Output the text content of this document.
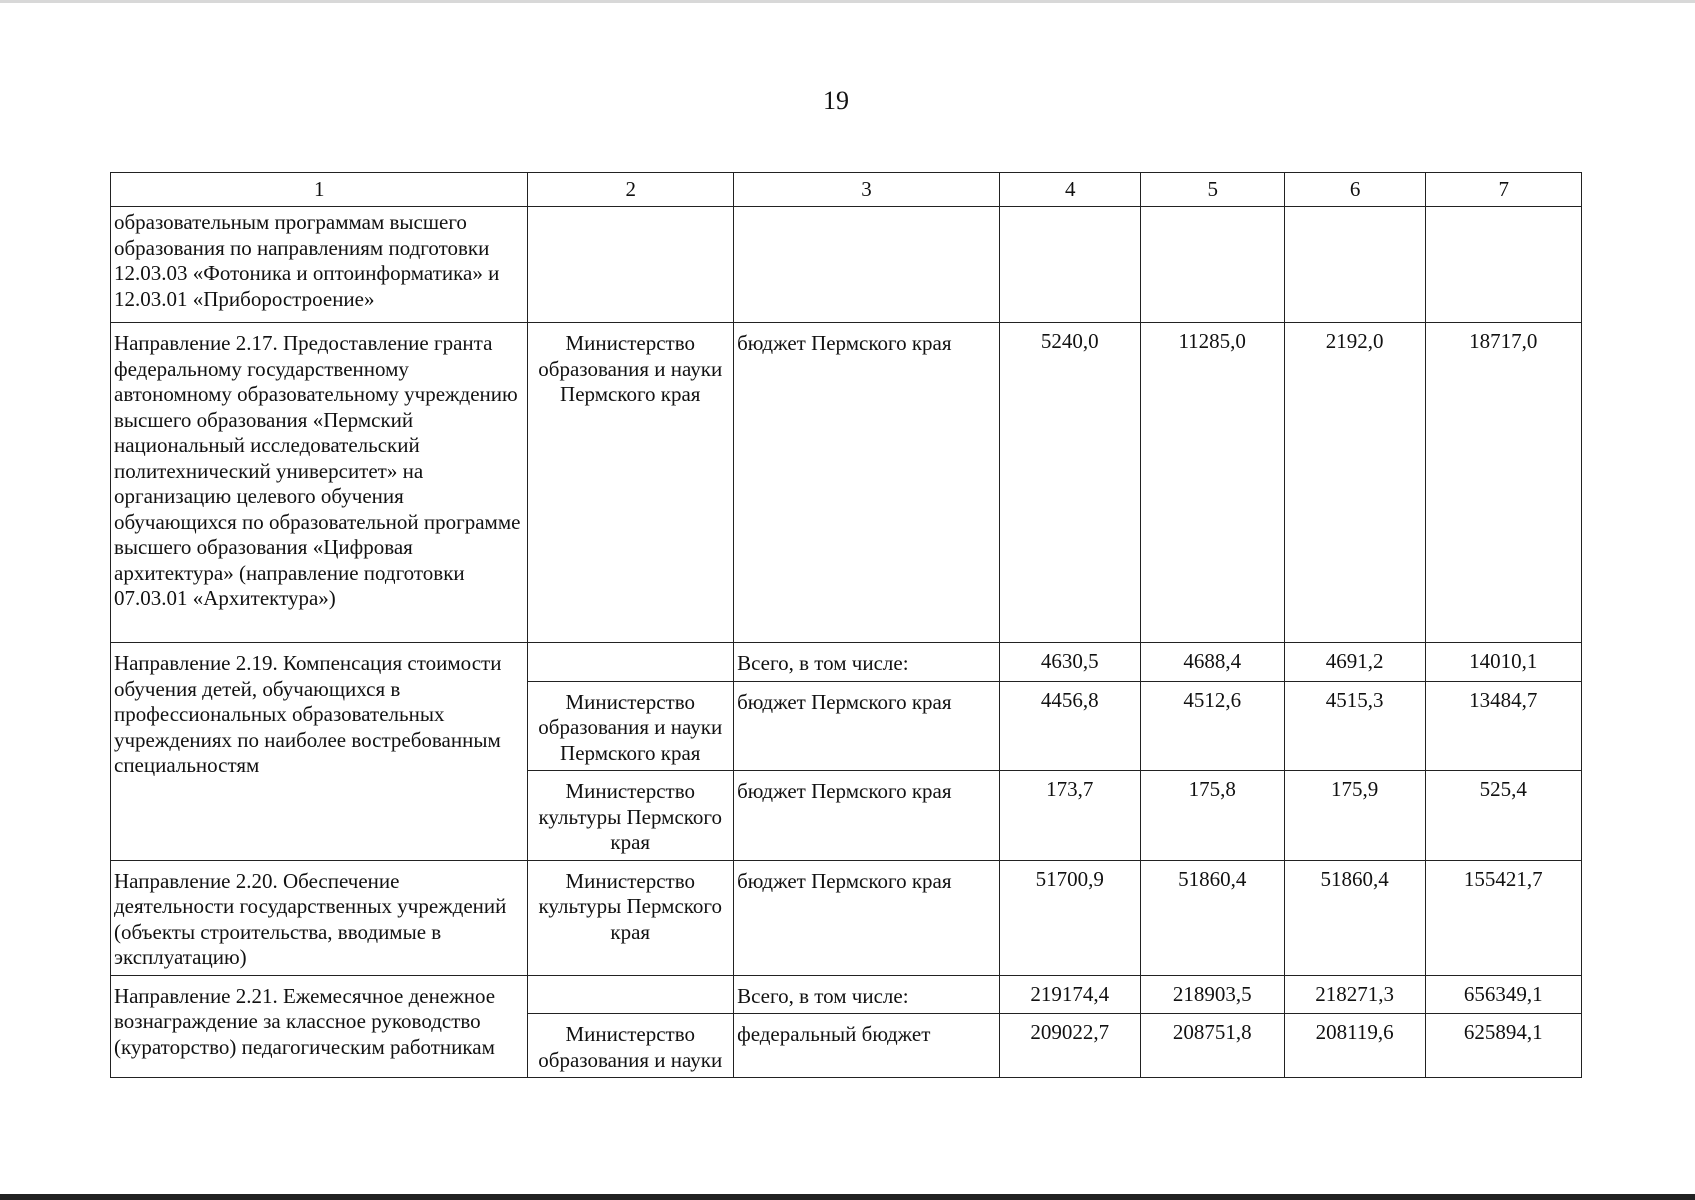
19
1	2	3	4	5	6	7
образовательным программам высшего образования по направлениям подготовки 12.03.03 «Фотоника и оптоинформатика» и 12.03.01 «Приборостроение»						
Направление 2.17. Предоставление гранта федеральному государственному автономному образовательному учреждению высшего образования «Пермский национальный исследовательский политехнический университет» на организацию целевого обучения обучающихся по образовательной программе высшего образования «Цифровая архитектура» (направление подготовки 07.03.01 «Архитектура»)	Министерство образования и науки Пермского края	бюджет Пермского края	5240,0	11285,0	2192,0	18717,0
Направление 2.19. Компенсация стоимости обучения детей, обучающихся в профессиональных образовательных учреждениях по наиболее востребованным специальностям		Всего, в том числе:	4630,5	4688,4	4691,2	14010,1
	Министерство образования и науки Пермского края	бюджет Пермского края	4456,8	4512,6	4515,3	13484,7
	Министерство культуры Пермского края	бюджет Пермского края	173,7	175,8	175,9	525,4
Направление 2.20. Обеспечение деятельности государственных учреждений (объекты строительства, вводимые в эксплуатацию)	Министерство культуры Пермского края	бюджет Пермского края	51700,9	51860,4	51860,4	155421,7
Направление 2.21. Ежемесячное денежное вознаграждение за классное руководство (кураторство) педагогическим работникам		Всего, в том числе:	219174,4	218903,5	218271,3	656349,1
	Министерство образования и науки	федеральный бюджет	209022,7	208751,8	208119,6	625894,1
